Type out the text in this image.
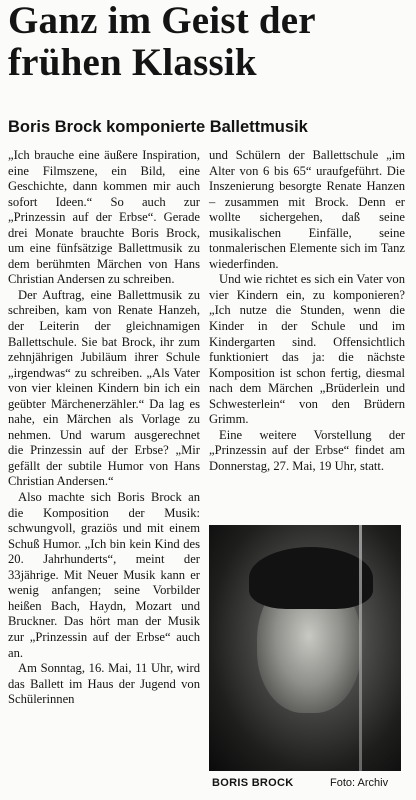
Ganz im Geist der frühen Klassik
Boris Brock komponierte Ballettmusik

„Ich brauche eine äußere Inspiration, eine Filmszene, ein Bild, eine Geschichte, dann kommen mir auch sofort Ideen.“ So auch zur „Prinzessin auf der Erbse“. Gerade drei Monate brauchte Boris Brock, um eine fünfsätzige Ballettmusik zu dem berühmten Märchen von Hans Christian Andersen zu schreiben.

Der Auftrag, eine Ballettmusik zu schreiben, kam von Renate Hanzeh, der Leiterin der gleichnamigen Ballettschule. Sie bat Brock, ihr zum zehnjährigen Jubiläum ihrer Schule „irgendwas“ zu schreiben. „Als Vater von vier kleinen Kindern bin ich ein geübter Märchenerzähler.“ Da lag es nahe, ein Märchen als Vorlage zu nehmen. Und warum ausgerechnet die Prinzessin auf der Erbse? „Mir gefällt der subtile Humor von Hans Christian Andersen.“

Also machte sich Boris Brock an die Komposition der Musik: schwungvoll, graziös und mit einem Schuß Humor. „Ich bin kein Kind des 20. Jahrhunderts“, meint der 33jährige. Mit Neuer Musik kann er wenig anfangen; seine Vorbilder heißen Bach, Haydn, Mozart und Bruckner. Das hört man der Musik zur „Prinzessin auf der Erbse“ auch an.

Am Sonntag, 16. Mai, 11 Uhr, wird das Ballett im Haus der Jugend von Schülerinnen

und Schülern der Ballettschule „im Alter von 6 bis 65“ uraufgeführt. Die Inszenierung besorgte Renate Hanzen – zusammen mit Brock. Denn er wollte sichergehen, daß seine musikalischen Einfälle, seine tonmalerischen Elemente sich im Tanz wiederfinden.

Und wie richtet es sich ein Vater von vier Kindern ein, zu komponieren? „Ich nutze die Stunden, wenn die Kinder in der Schule und im Kindergarten sind. Offensichtlich funktioniert das ja: die nächste Komposition ist schon fertig, diesmal nach dem Märchen „Brüderlein und Schwesterlein“ von den Brüdern Grimm.

Eine weitere Vorstellung der „Prinzessin auf der Erbse“ findet am Donnerstag, 27. Mai, 19 Uhr, statt.

BORIS BROCK	Foto: Archiv
